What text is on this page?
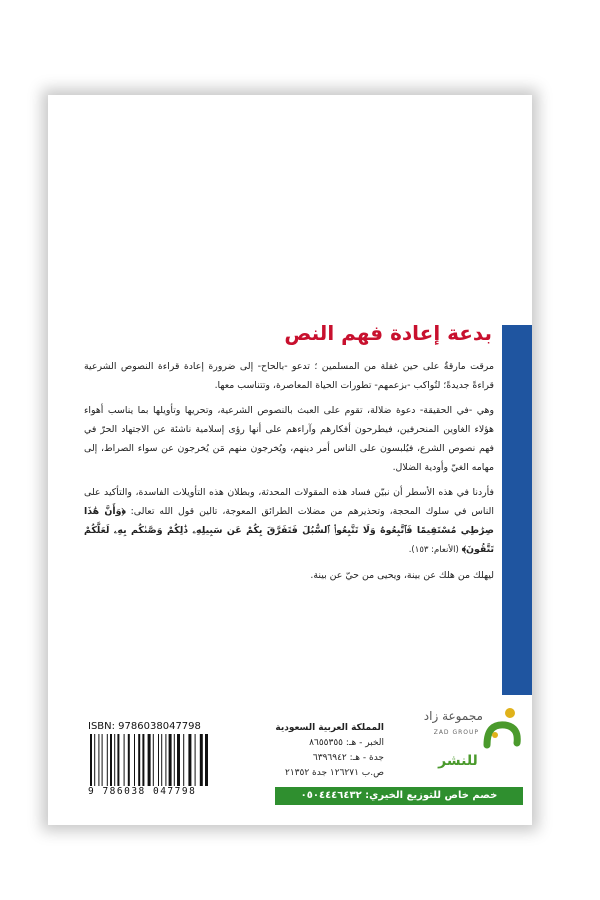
بدعة إعادة فهم النص

مرقت مارقةٌ على حين غفلة من المسلمين ؛ تدعو -بالحاح- إلى ضرورة إعادة قراءة النصوص الشرعية قراءةً جديدةً؛ لتُواكب -بزعمهم- تطورات الحياة المعاصرة، وتتناسب معها.

وهي -في الحقيقة- دعوة ضلالة، تقوم على العبث بالنصوص الشرعية، وتحريها وتأويلها بما يناسب أهواء هؤلاء الغاوين المنحرفين، فيطرحون أفكارهم وآراءهم على أنها رؤى إسلامية ناشئة عن الاجتهاد الحرّ في فهم نصوص الشرع، فيُلبسون على الناس أمر دينهم، ويُخرجون منهم مَن يُخرجون عن سواء الصراط، إلى مهامه الغيّ وأودية الضلال.

فأردنا في هذه الأسطر أن نبيّن فساد هذه المقولات المحدثة، وبطلان هذه التأويلات الفاسدة، والتأكيد على الناس في سلوك المحجة، وتحذيرهم من مضلات الطرائق المعوجة، تالين قول الله تعالى: ﴿وَأَنَّ هَٰذَا صِرَٰطِي مُسْتَقِيمًا فَٱتَّبِعُوهُ وَلَا تَتَّبِعُوا۟ ٱلسُّبُلَ فَتَفَرَّقَ بِكُمْ عَن سَبِيلِهِۦ ذَٰلِكُمْ وَصَّىٰكُم بِهِۦ لَعَلَّكُمْ تَتَّقُونَ﴾ (الأنعام: ١٥٣).

ليهلك من هلك عن بينة، ويحيى من حيّ عن بينة.

ISBN: 9786038047798
9 786038 047798
المملكة العربية السعودية
الخبر - هـ: ٨٦٥٥٣٥٥
جدة - هـ: ٦٣٩٦٩٤٢
ص.ب ١٢٦٢٧١ جدة ٢١٣٥٢
مجموعة زاد
ZAD GROUP
للنشر
خصم خاص للتوزيع الخيري: ٠٥٠٤٤٤٦٤٣٢
